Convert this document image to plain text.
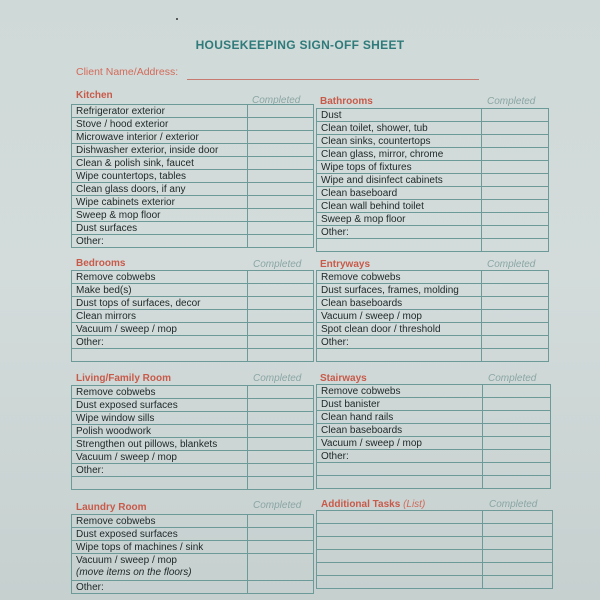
HOUSEKEEPING SIGN-OFF SHEET
Client Name/Address:
Kitchen	Completed
Refrigerator exterior	
Stove / hood exterior	
Microwave interior / exterior	
Dishwasher exterior, inside door	
Clean & polish sink, faucet	
Wipe countertops, tables	
Clean glass doors, if any	
Wipe cabinets exterior	
Sweep & mop floor	
Dust surfaces	
Other:	
Bathrooms	Completed
Dust	
Clean toilet, shower, tub	
Clean sinks, countertops	
Clean glass, mirror, chrome	
Wipe tops of fixtures	
Wipe and disinfect cabinets	
Clean baseboard	
Clean wall behind toilet	
Sweep & mop floor	
Other:	

Bedrooms	Completed
Remove cobwebs	
Make bed(s)	
Dust tops of surfaces, decor	
Clean mirrors	
Vacuum / sweep / mop	
Other:	

Entryways	Completed
Remove cobwebs	
Dust surfaces, frames, molding	
Clean baseboards	
Vacuum / sweep / mop	
Spot clean door / threshold	
Other:	

Living/Family Room	Completed
Remove cobwebs	
Dust exposed surfaces	
Wipe window sills	
Polish woodwork	
Strengthen out pillows, blankets	
Vacuum / sweep / mop	
Other:	

Stairways	Completed
Remove cobwebs	
Dust banister	
Clean hand rails	
Clean baseboards	
Vacuum / sweep / mop	
Other:	

Laundry Room	Completed
Remove cobwebs	
Dust exposed surfaces	
Wipe tops of machines / sink	
Vacuum / sweep / mop
(move items on the floors)	
Other:	
Additional Tasks (List)	Completed
